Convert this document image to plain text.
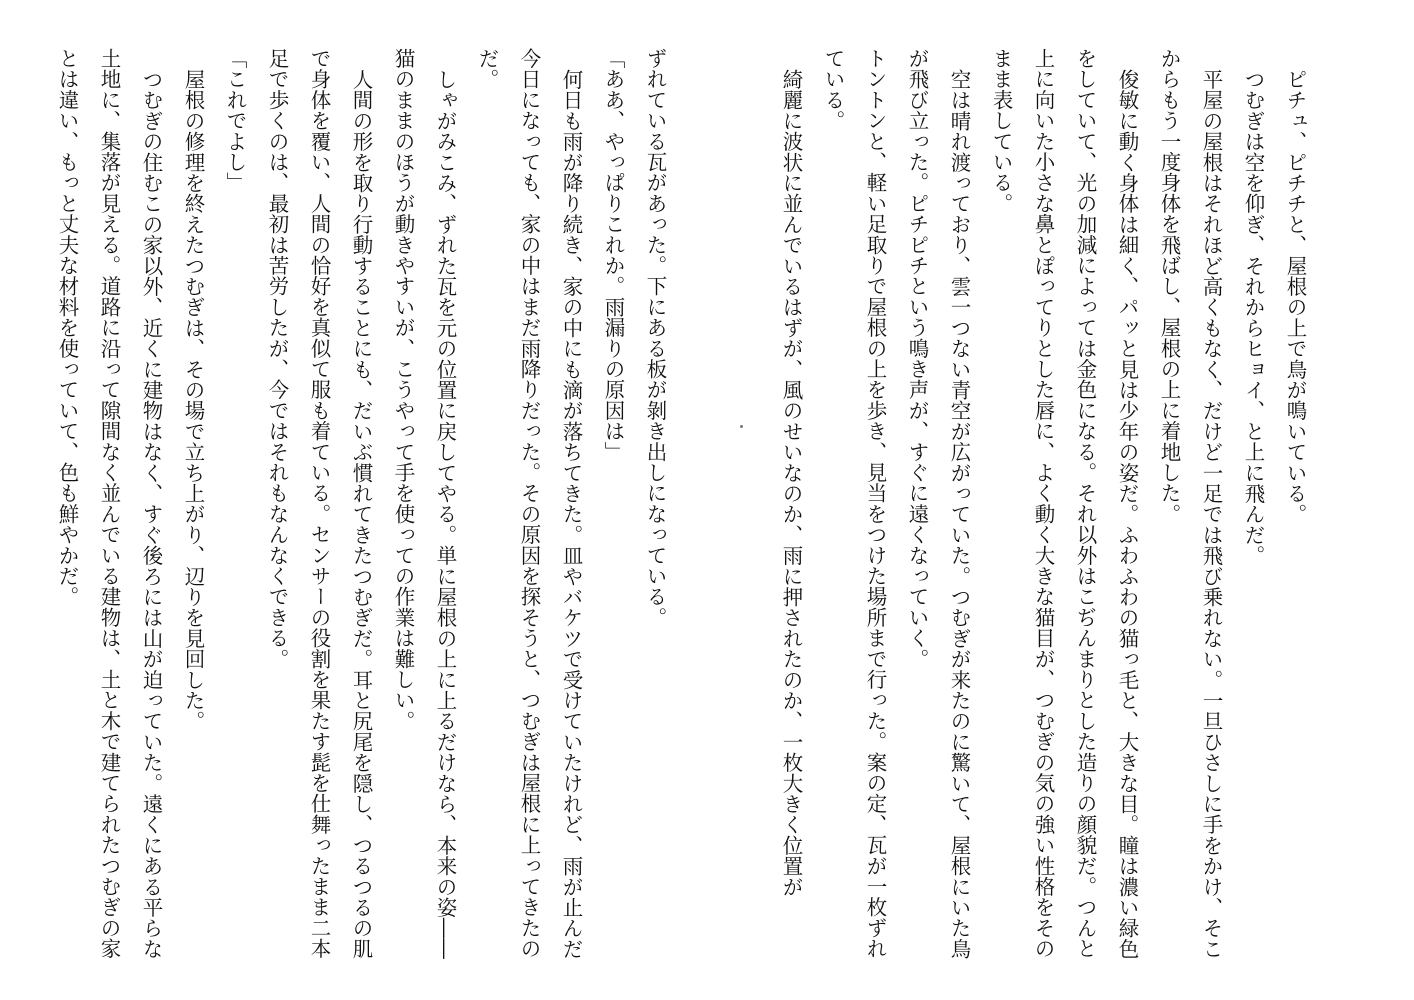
ピチュ、ピチチと、屋根の上で鳥が鳴いている。

つむぎは空を仰ぎ、それからヒョイ、と上に飛んだ。

平屋の屋根はそれほど高くもなく、だけど一足では飛び乗れない。一旦ひさしに手をかけ、そこからもう一度身体を飛ばし、屋根の上に着地した。

俊敏に動く身体は細く、パッと見は少年の姿だ。ふわふわの猫っ毛と、大きな目。瞳は濃い緑色をしていて、光の加減によっては金色になる。それ以外はこぢんまりとした造りの顔貌だ。つんと上に向いた小さな鼻とぽってりとした唇に、よく動く大きな猫目が、つむぎの気の強い性格をそのまま表している。

空は晴れ渡っており、雲一つない青空が広がっていた。つむぎが来たのに驚いて、屋根にいた鳥が飛び立った。ピチピチという鳴き声が、すぐに遠くなっていく。

トントンと、軽い足取りで屋根の上を歩き、見当をつけた場所まで行った。案の定、瓦が一枚ずれている。

綺麗に波状に並んでいるはずが、風のせいなのか、雨に押されたのか、一枚大きく位置が

ずれている瓦があった。下にある板が剝き出しになっている。

「ああ、やっぱりこれか。雨漏りの原因は」

何日も雨が降り続き、家の中にも滴が落ちてきた。皿やバケツで受けていたけれど、雨が止んだ今日になっても、家の中はまだ雨降りだった。その原因を探そうと、つむぎは屋根に上ってきたのだ。

しゃがみこみ、ずれた瓦を元の位置に戻してやる。単に屋根の上に上るだけなら、本来の姿――猫のままのほうが動きやすいが、こうやって手を使っての作業は難しい。

人間の形を取り行動することにも、だいぶ慣れてきたつむぎだ。耳と尻尾を隠し、つるつるの肌で身体を覆い、人間の恰好を真似て服も着ている。センサーの役割を果たす髭を仕舞ったまま二本足で歩くのは、最初は苦労したが、今ではそれもなんなくできる。

「これでよし」

屋根の修理を終えたつむぎは、その場で立ち上がり、辺りを見回した。

つむぎの住むこの家以外、近くに建物はなく、すぐ後ろには山が迫っていた。遠くにある平らな土地に、集落が見える。道路に沿って隙間なく並んでいる建物は、土と木で建てられたつむぎの家とは違い、もっと丈夫な材料を使っていて、色も鮮やかだ。
